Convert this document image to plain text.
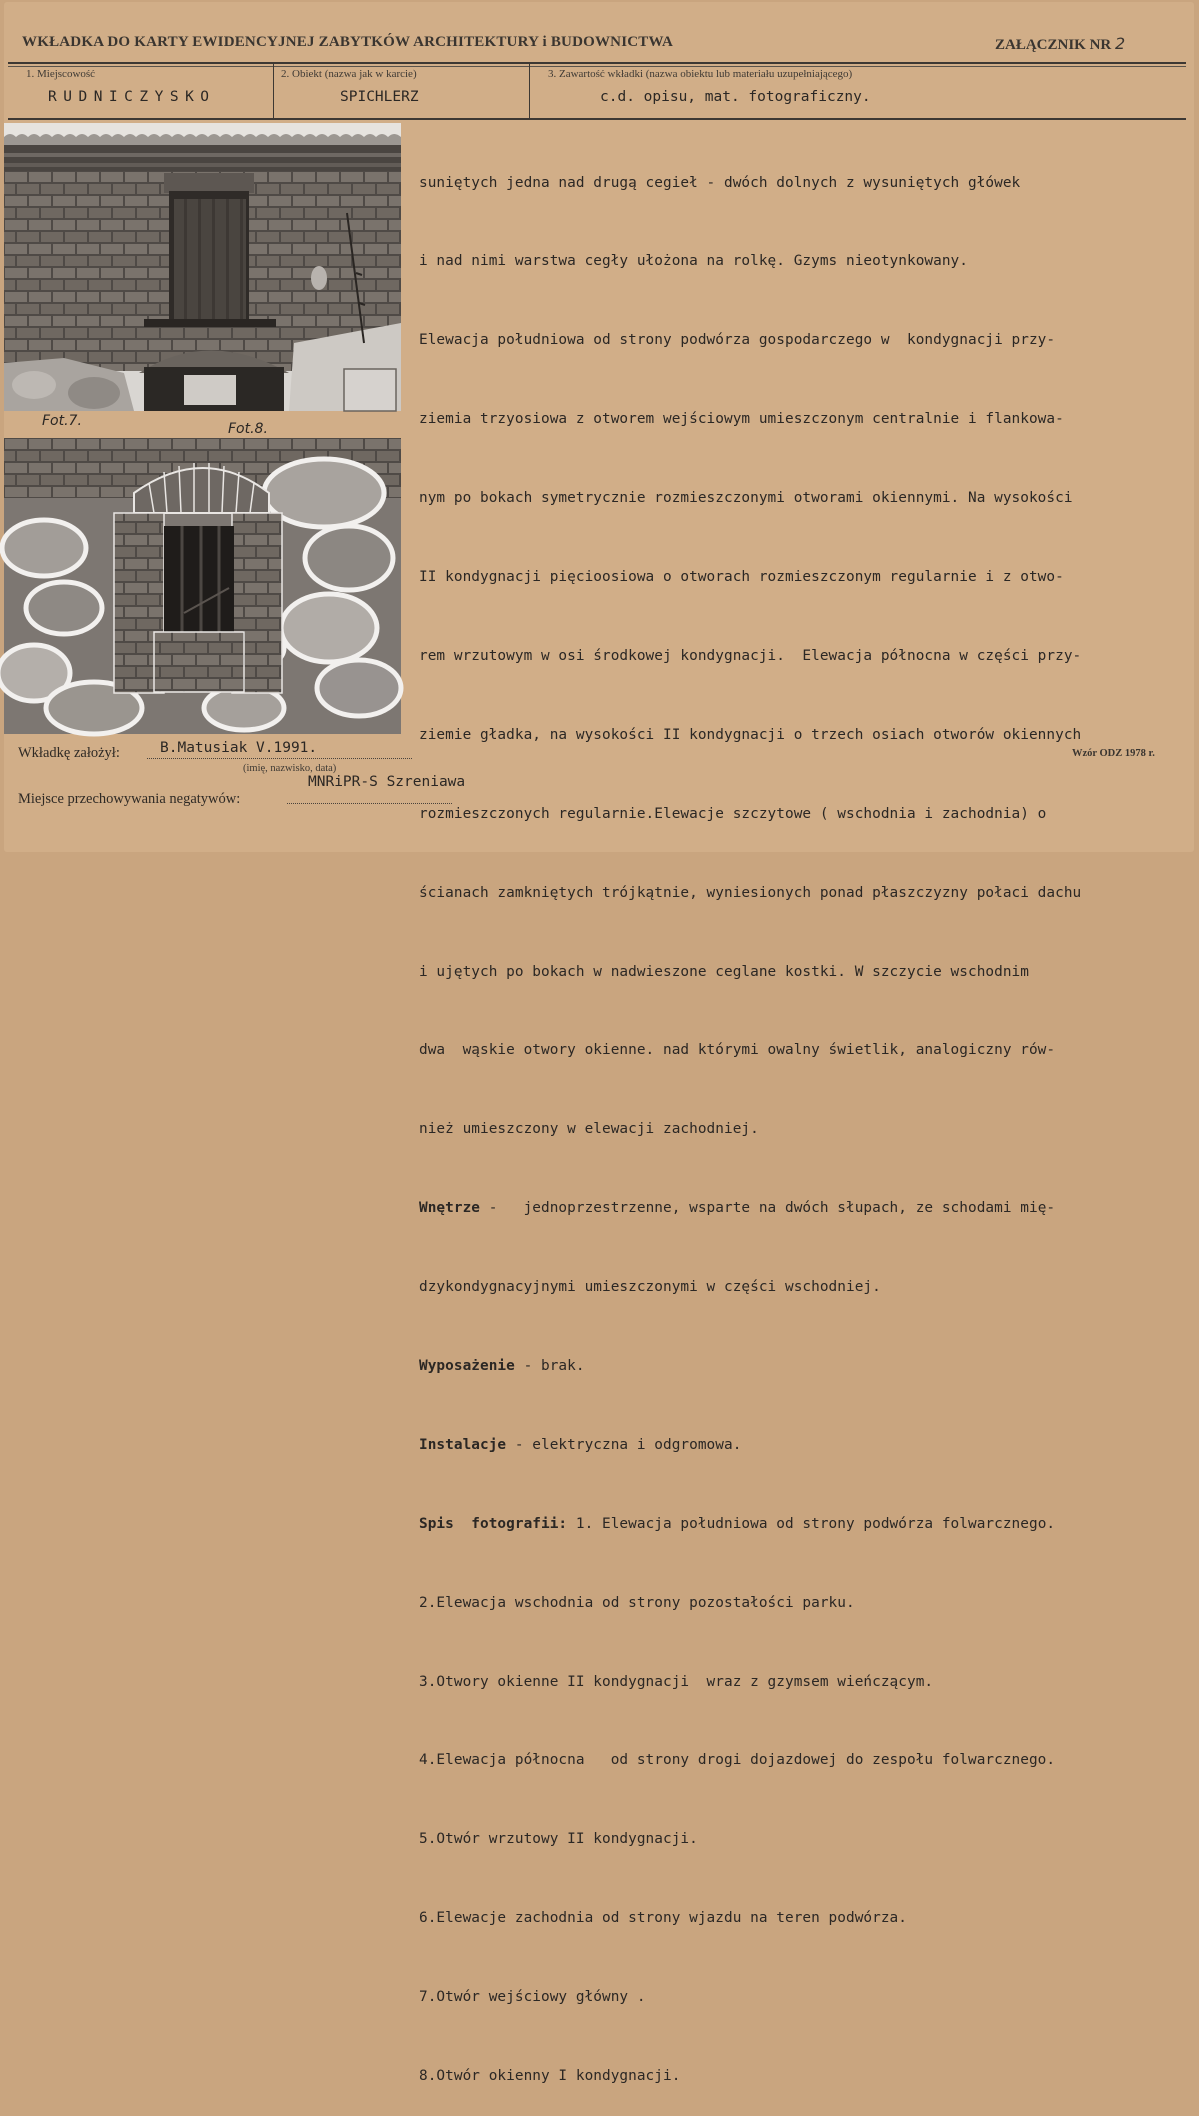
WKŁADKA DO KARTY EWIDENCYJNEJ ZABYTKÓW ARCHITEKTURY i BUDOWNICTWA	ZAŁĄCZNIK NR 2
1. Miejscowość
RUDNICZYSKO
2. Obiekt (nazwa jak w karcie)
SPICHLERZ
3. Zawartość wkładki (nazwa obiektu lub materiału uzupełniającego)
c.d. opisu, mat. fotograficzny.
Fot.7.	Fot.8.

suniętych jedna nad drugą cegieł - dwóch dolnych z wysuniętych główek

i nad nimi warstwa cegły ułożona na rolkę. Gzyms nieotynkowany.

Elewacja południowa od strony podwórza gospodarczego w  kondygnacji przy-

ziemia trzyosiowa z otworem wejściowym umieszczonym centralnie i flankowa-

nym po bokach symetrycznie rozmieszczonymi otworami okiennymi. Na wysokości

II kondygnacji pięcioosiowa o otworach rozmieszczonym regularnie i z otwo-

rem wrzutowym w osi środkowej kondygnacji.  Elewacja północna w części przy-

ziemie gładka, na wysokości II kondygnacji o trzech osiach otworów okiennych

rozmieszczonych regularnie.Elewacje szczytowe ( wschodnia i zachodnia) o

ścianach zamkniętych trójkątnie, wyniesionych ponad płaszczyzny połaci dachu

i ujętych po bokach w nadwieszone ceglane kostki. W szczycie wschodnim

dwa  wąskie otwory okienne. nad którymi owalny świetlik, analogiczny rów-

nież umieszczony w elewacji zachodniej.

Wnętrze -   jednoprzestrzenne, wsparte na dwóch słupach, ze schodami mię-

dzykondygnacyjnymi umieszczonymi w części wschodniej.

Wyposażenie - brak.

Instalacje - elektryczna i odgromowa.

Spis  fotografii: 1. Elewacja południowa od strony podwórza folwarcznego.

2.Elewacja wschodnia od strony pozostałości parku.

3.Otwory okienne II kondygnacji  wraz z gzymsem wieńczącym.

4.Elewacja północna   od strony drogi dojazdowej do zespołu folwarcznego.

5.Otwór wrzutowy II kondygnacji.

6.Elewacje zachodnia od strony wjazdu na teren podwórza.

7.Otwór wejściowy główny .

8.Otwór okienny I kondygnacji.

Wkładkę założył:	B.Matusiak V.1991.
(imię, nazwisko, data)
Miejsce przechowywania negatywów:
MNRiPR-S Szreniawa
Wzór ODZ 1978 r.
